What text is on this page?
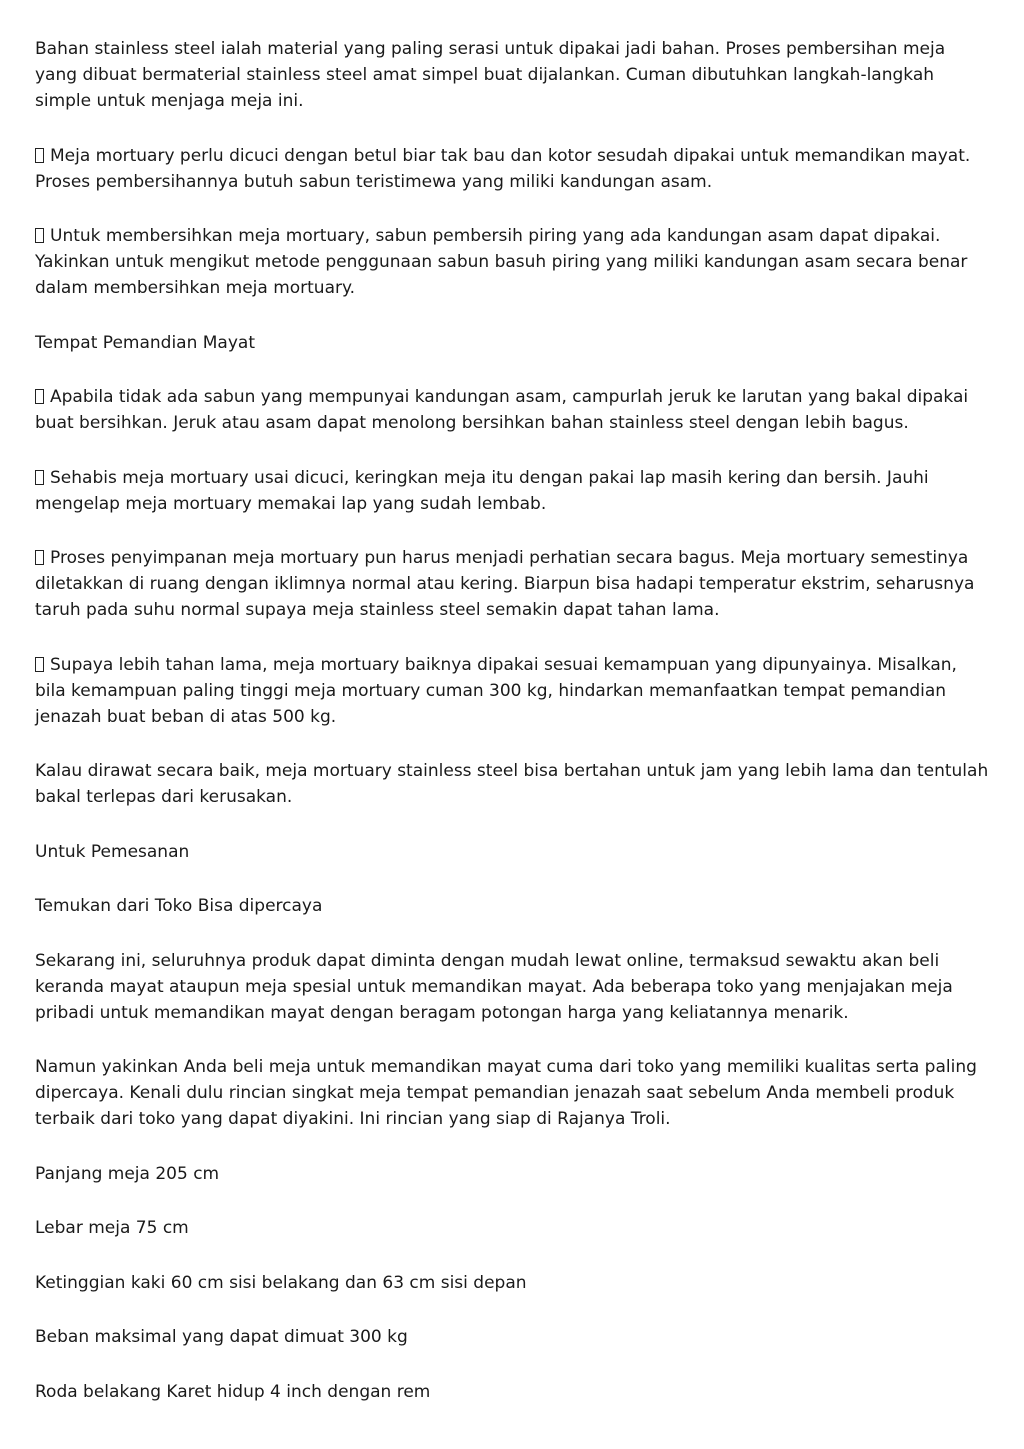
Bahan stainless steel ialah material yang paling serasi untuk dipakai jadi bahan. Proses pembersihan meja yang dibuat bermaterial stainless steel amat simpel buat dijalankan. Cuman dibutuhkan langkah-langkah simple untuk menjaga meja ini.

Meja mortuary perlu dicuci dengan betul biar tak bau dan kotor sesudah dipakai untuk memandikan mayat. Proses pembersihannya butuh sabun teristimewa yang miliki kandungan asam.

Untuk membersihkan meja mortuary, sabun pembersih piring yang ada kandungan asam dapat dipakai. Yakinkan untuk mengikut metode penggunaan sabun basuh piring yang miliki kandungan asam secara benar dalam membersihkan meja mortuary.

Tempat Pemandian Mayat

Apabila tidak ada sabun yang mempunyai kandungan asam, campurlah jeruk ke larutan yang bakal dipakai buat bersihkan. Jeruk atau asam dapat menolong bersihkan bahan stainless steel dengan lebih bagus.

Sehabis meja mortuary usai dicuci, keringkan meja itu dengan pakai lap masih kering dan bersih. Jauhi mengelap meja mortuary memakai lap yang sudah lembab.

Proses penyimpanan meja mortuary pun harus menjadi perhatian secara bagus. Meja mortuary semestinya diletakkan di ruang dengan iklimnya normal atau kering. Biarpun bisa hadapi temperatur ekstrim, seharusnya taruh pada suhu normal supaya meja stainless steel semakin dapat tahan lama.

Supaya lebih tahan lama, meja mortuary baiknya dipakai sesuai kemampuan yang dipunyainya. Misalkan, bila kemampuan paling tinggi meja mortuary cuman 300 kg, hindarkan memanfaatkan tempat pemandian jenazah buat beban di atas 500 kg.

Kalau dirawat secara baik, meja mortuary stainless steel bisa bertahan untuk jam yang lebih lama dan tentulah bakal terlepas dari kerusakan.

Untuk Pemesanan

Temukan dari Toko Bisa dipercaya

Sekarang ini, seluruhnya produk dapat diminta dengan mudah lewat online, termaksud sewaktu akan beli keranda mayat ataupun meja spesial untuk memandikan mayat. Ada beberapa toko yang menjajakan meja pribadi untuk memandikan mayat dengan beragam potongan harga yang keliatannya menarik.

Namun yakinkan Anda beli meja untuk memandikan mayat cuma dari toko yang memiliki kualitas serta paling dipercaya. Kenali dulu rincian singkat meja tempat pemandian jenazah saat sebelum Anda membeli produk terbaik dari toko yang dapat diyakini. Ini rincian yang siap di Rajanya Troli.

Panjang meja 205 cm

Lebar meja 75 cm

Ketinggian kaki 60 cm sisi belakang dan 63 cm sisi depan

Beban maksimal yang dapat dimuat 300 kg

Roda belakang Karet hidup 4 inch dengan rem
